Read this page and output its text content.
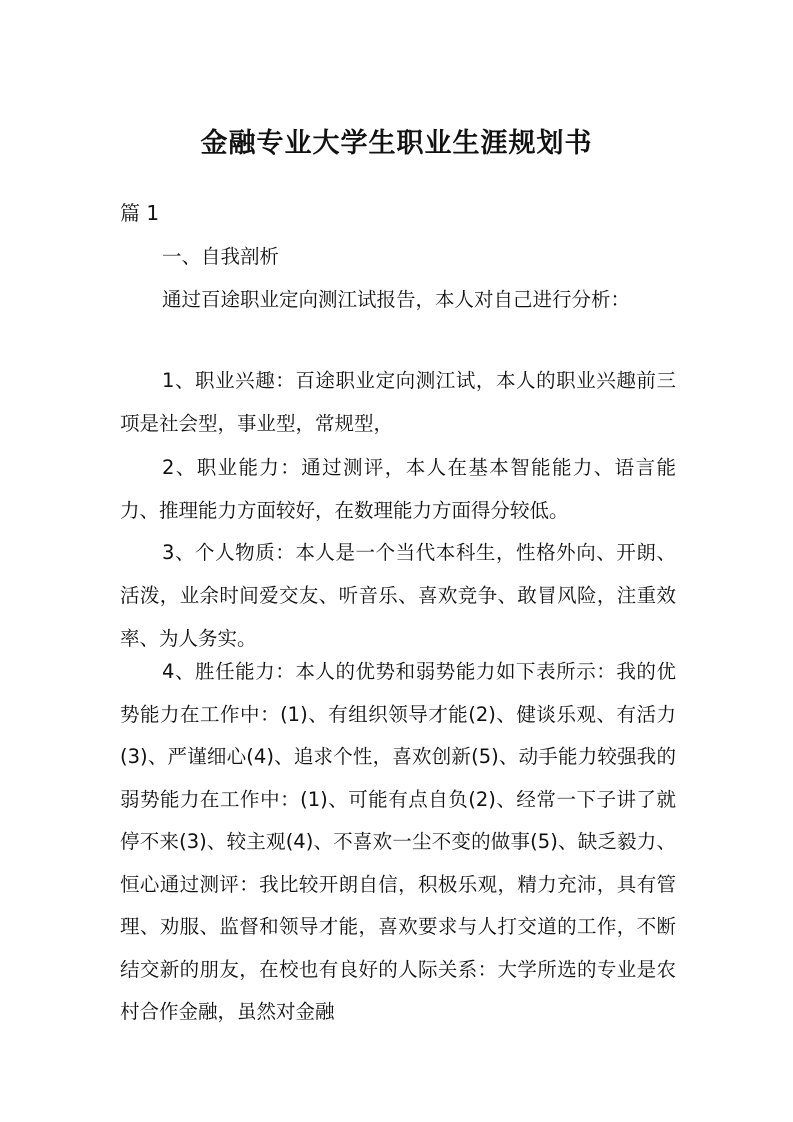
金融专业大学生职业生涯规划书

篇 1

一、自我剖析

通过百途职业定向测江试报告，本人对自己进行分析：

1、职业兴趣：百途职业定向测江试，本人的职业兴趣前三项是社会型，事业型，常规型，

2、职业能力：通过测评，本人在基本智能能力、语言能力、推理能力方面较好，在数理能力方面得分较低。

3、个人物质：本人是一个当代本科生，性格外向、开朗、活泼，业余时间爱交友、听音乐、喜欢竞争、敢冒风险，注重效率、为人务实。

4、胜任能力：本人的优势和弱势能力如下表所示：我的优势能力在工作中：(1)、有组织领导才能(2)、健谈乐观、有活力(3)、严谨细心(4)、追求个性，喜欢创新(5)、动手能力较强我的弱势能力在工作中：(1)、可能有点自负(2)、经常一下子讲了就停不来(3)、较主观(4)、不喜欢一尘不变的做事(5)、缺乏毅力、恒心通过测评：我比较开朗自信，积极乐观，精力充沛，具有管理、劝服、监督和领导才能，喜欢要求与人打交道的工作，不断结交新的朋友，在校也有良好的人际关系：大学所选的专业是农村合作金融，虽然对金融
